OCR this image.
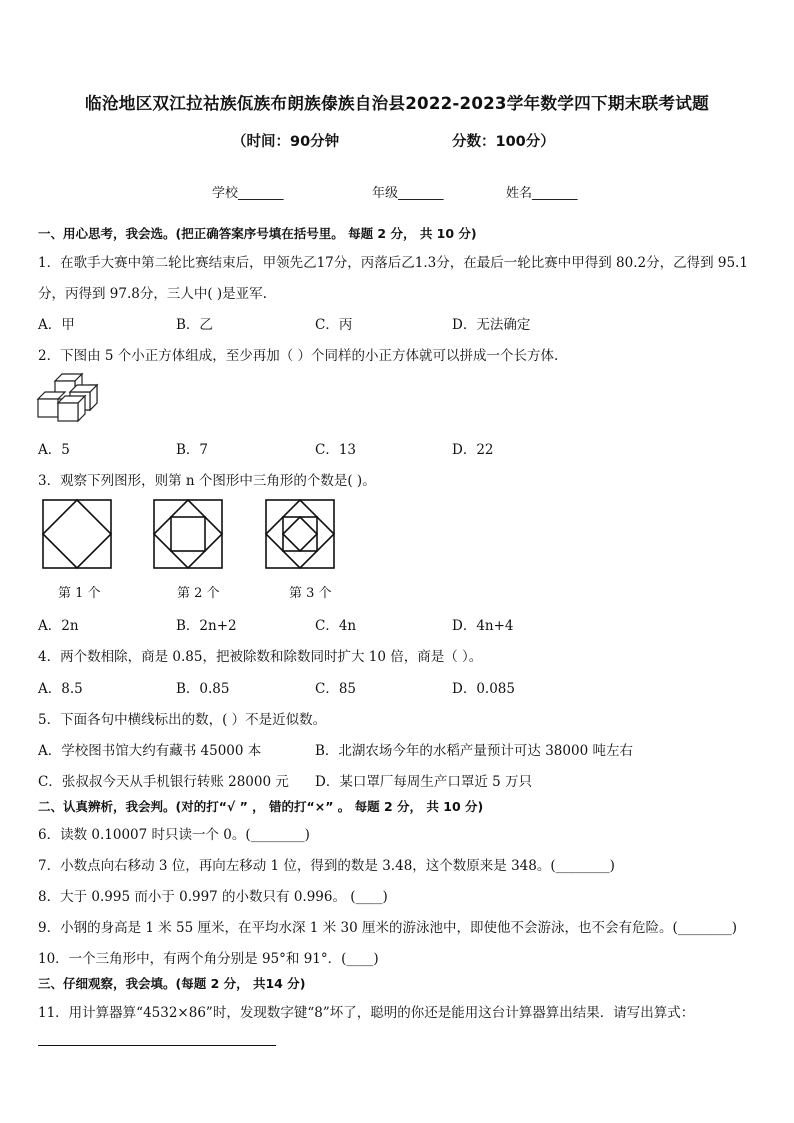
临沧地区双江拉祜族佤族布朗族傣族自治县2022-2023学年数学四下期末联考试题
（时间：90分钟	分数：100分）
学校_______	年级_______	姓名_______
一、用心思考，我会选。(把正确答案序号填在括号里。 每题 2 分， 共 10 分)
1．在歌手大赛中第二轮比赛结束后，甲领先乙17分，丙落后乙1.3分，在最后一轮比赛中甲得到 80.2分，乙得到 95.1
分，丙得到 97.8分，三人中( )是亚军.
A．甲	B．乙	C．丙	D．无法确定
2．下图由 5 个小正方体组成，至少再加（ ）个同样的小正方体就可以拼成一个长方体.
A．5	B．7	C．13	D．22
3．观察下列图形，则第 n 个图形中三角形的个数是( )。
第 1 个	第 2 个	第 3 个
A．2n	B．2n+2	C．4n	D．4n+4
4．两个数相除，商是 0.85，把被除数和除数同时扩大 10 倍，商是（ ）。
A．8.5	B．0.85	C．85	D．0.085
5．下面各句中横线标出的数，( ）不是近似数。
A．学校图书馆大约有藏书 45000 本	B．北湖农场今年的水稻产量预计可达 38000 吨左右
C．张叔叔今天从手机银行转账 28000 元 D．某口罩厂每周生产口罩近 5 万只
二、认真辨析，我会判。(对的打“√ ” ， 错的打“×” 。 每题 2 分， 共 10 分)
6．读数 0.10007 时只读一个 0。(________)
7．小数点向右移动 3 位，再向左移动 1 位，得到的数是 3.48，这个数原来是 348。(________)
8．大于 0.995 而小于 0.997 的小数只有 0.996。 (____)
9．小钢的身高是 1 米 55 厘米，在平均水深 1 米 30 厘米的游泳池中，即使他不会游泳，也不会有危险。(________)
10．一个三角形中，有两个角分别是 95°和 91°．(____)
三、仔细观察，我会填。(每题 2 分， 共14 分)
11．用计算器算“4532×86”时，发现数字键“8”坏了，聪明的你还是能用这台计算器算出结果．请写出算式：
